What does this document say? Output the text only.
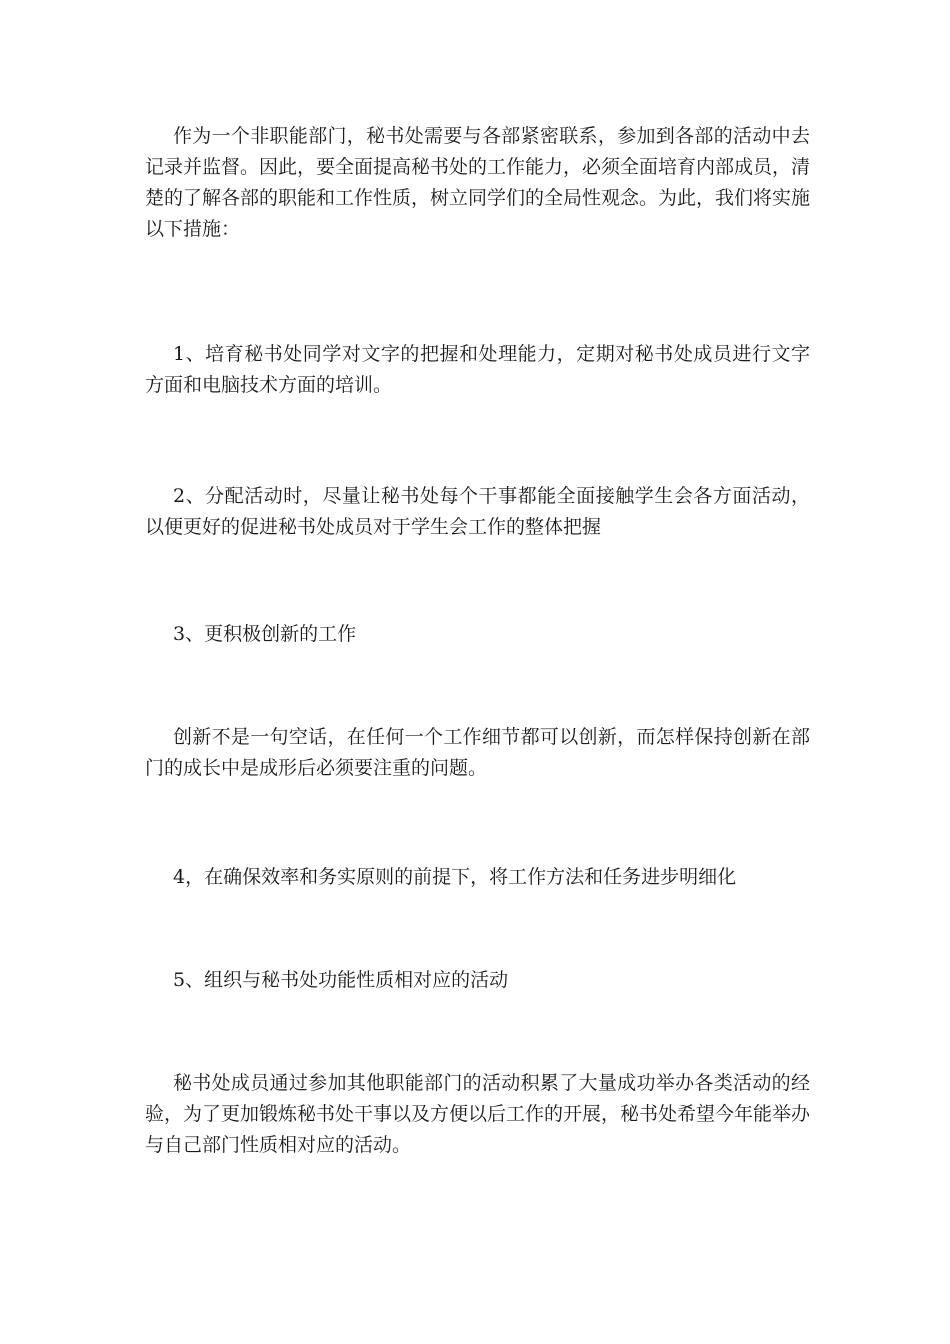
作为一个非职能部门，秘书处需要与各部紧密联系，参加到各部的活动中去记录并监督。因此，要全面提高秘书处的工作能力，必须全面培育内部成员，清楚的了解各部的职能和工作性质，树立同学们的全局性观念。为此，我们将实施以下措施：

1、培育秘书处同学对文字的把握和处理能力，定期对秘书处成员进行文字方面和电脑技术方面的培训。

2、分配活动时，尽量让秘书处每个干事都能全面接触学生会各方面活动，以便更好的促进秘书处成员对于学生会工作的整体把握

3、更积极创新的工作

创新不是一句空话，在任何一个工作细节都可以创新，而怎样保持创新在部门的成长中是成形后必须要注重的问题。

4，在确保效率和务实原则的前提下，将工作方法和任务进步明细化

5、组织与秘书处功能性质相对应的活动

秘书处成员通过参加其他职能部门的活动积累了大量成功举办各类活动的经验，为了更加锻炼秘书处干事以及方便以后工作的开展，秘书处希望今年能举办与自己部门性质相对应的活动。
